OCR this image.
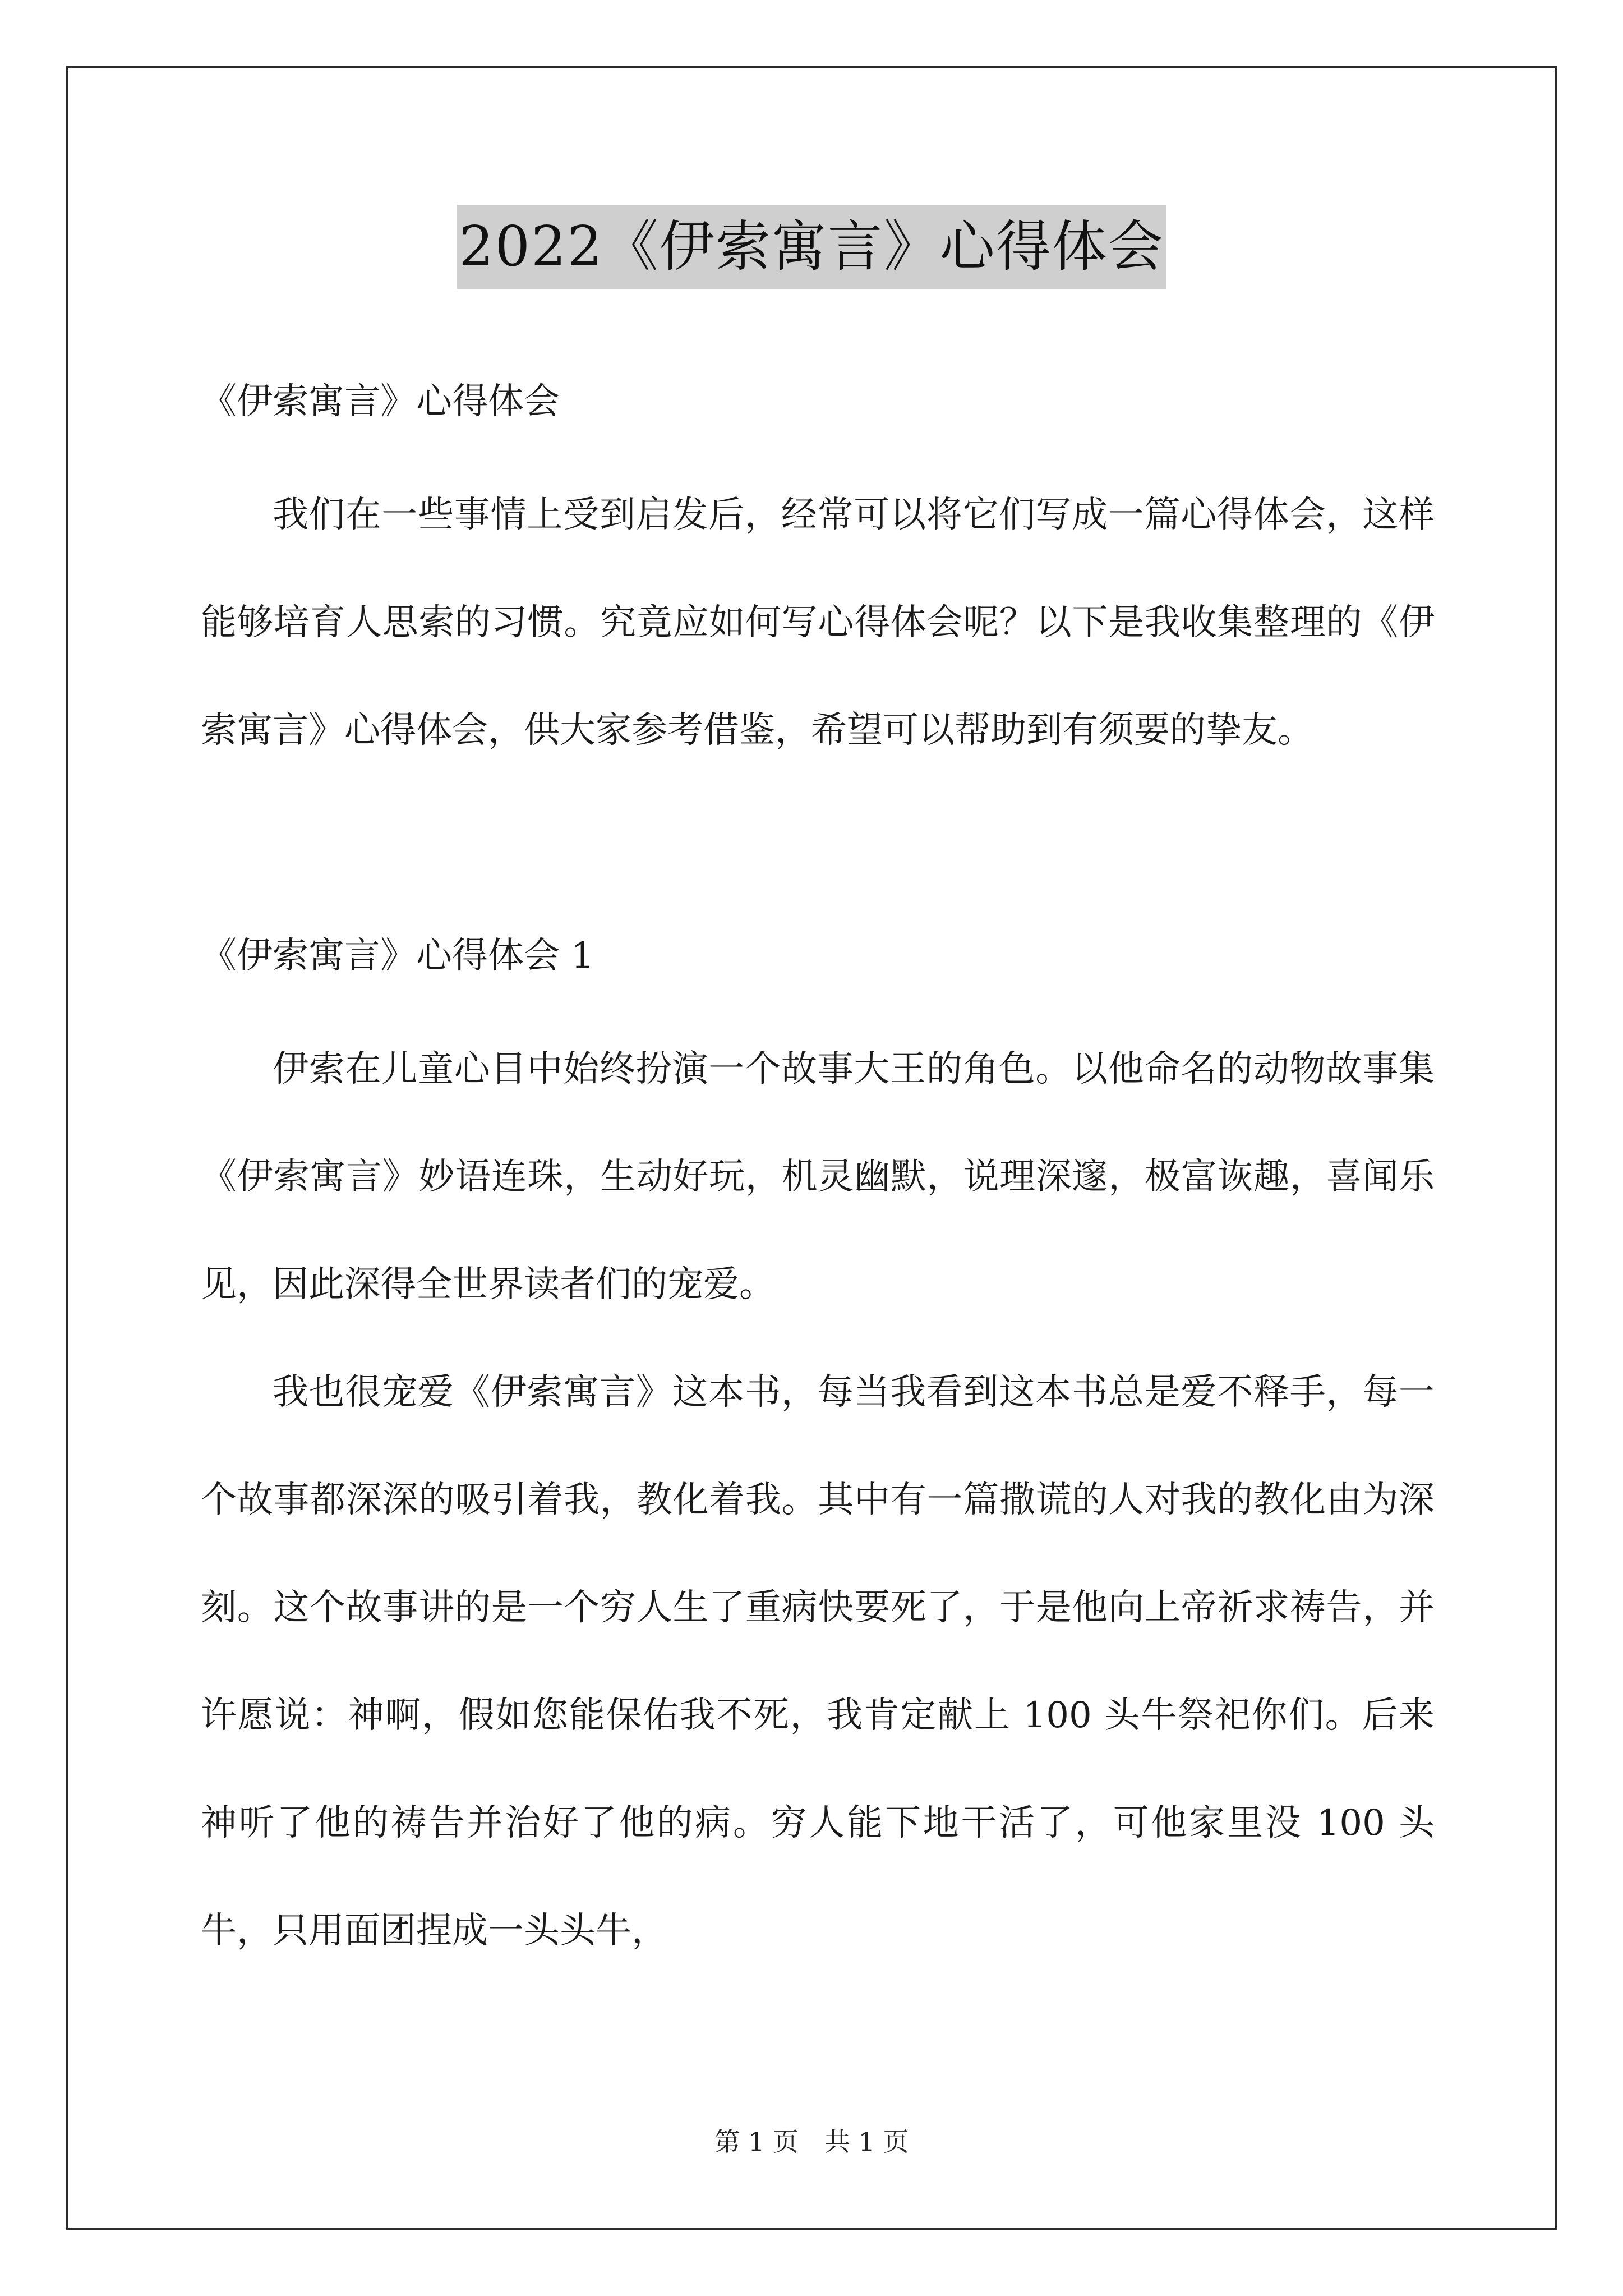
2022《伊索寓言》心得体会

《伊索寓言》心得体会

我们在一些事情上受到启发后，经常可以将它们写成一篇心得体会，这样能够培育人思索的习惯。究竟应如何写心得体会呢？以下是我收集整理的《伊索寓言》心得体会，供大家参考借鉴，希望可以帮助到有须要的挚友。

《伊索寓言》心得体会 1

伊索在儿童心目中始终扮演一个故事大王的角色。以他命名的动物故事集《伊索寓言》妙语连珠，生动好玩，机灵幽默，说理深邃，极富诙趣，喜闻乐见，因此深得全世界读者们的宠爱。

我也很宠爱《伊索寓言》这本书，每当我看到这本书总是爱不释手，每一个故事都深深的吸引着我，教化着我。其中有一篇撒谎的人对我的教化由为深刻。这个故事讲的是一个穷人生了重病快要死了，于是他向上帝祈求祷告，并许愿说：神啊，假如您能保佑我不死，我肯定献上 100 头牛祭祀你们。后来神听了他的祷告并治好了他的病。穷人能下地干活了，可他家里没 100 头牛，只用面团捏成一头头牛，

第 1 页　共 1 页
